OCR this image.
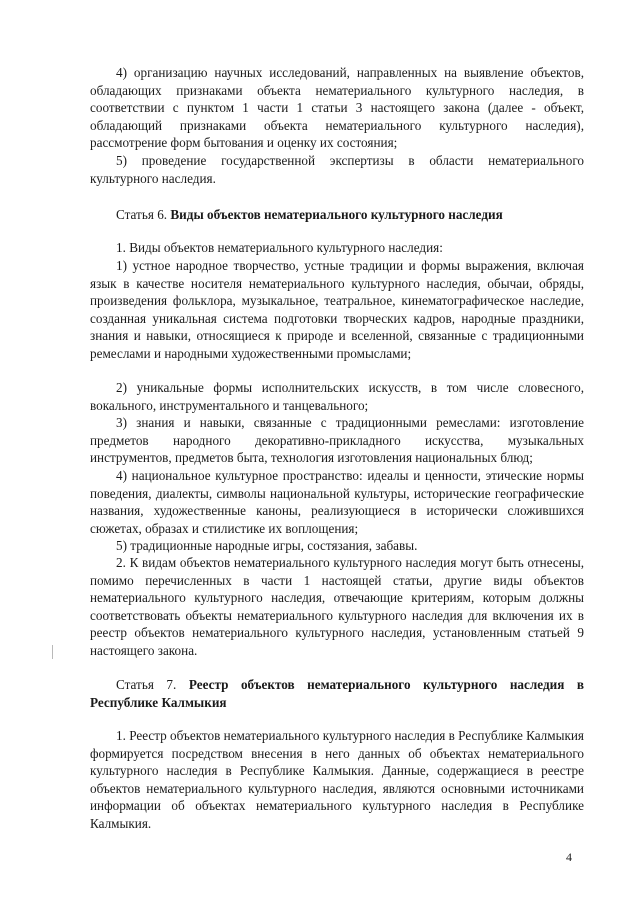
4) организацию научных исследований, направленных на выявление объектов, обладающих признаками объекта нематериального культурного наследия, в соответствии с пунктом 1 части 1 статьи 3 настоящего закона (далее - объект, обладающий признаками объекта нематериального культурного наследия), рассмотрение форм бытования и оценку их состояния;

5) проведение государственной экспертизы в области нематериального культурного наследия.

Статья 6. Виды объектов нематериального культурного наследия

1. Виды объектов нематериального культурного наследия:

1) устное народное творчество, устные традиции и формы выражения, включая язык в качестве носителя нематериального культурного наследия, обычаи, обряды, произведения фольклора, музыкальное, театральное, кинематографическое наследие, созданная уникальная система подготовки творческих кадров, народные праздники, знания и навыки, относящиеся к природе и вселенной, связанные с традиционными ремеслами и народными художественными промыслами;

2) уникальные формы исполнительских искусств, в том числе словесного, вокального, инструментального и танцевального;

3) знания и навыки, связанные с традиционными ремеслами: изготовление предметов народного декоративно-прикладного искусства, музыкальных инструментов, предметов быта, технология изготовления национальных блюд;

4) национальное культурное пространство: идеалы и ценности, этические нормы поведения, диалекты, символы национальной культуры, исторические географические названия, художественные каноны, реализующиеся в исторически сложившихся сюжетах, образах и стилистике их воплощения;

5) традиционные народные игры, состязания, забавы.

2. К видам объектов нематериального культурного наследия могут быть отнесены, помимо перечисленных в части 1 настоящей статьи, другие виды объектов нематериального культурного наследия, отвечающие критериям, которым должны соответствовать объекты нематериального культурного наследия для включения их в реестр объектов нематериального культурного наследия, установленным статьей 9 настоящего закона.

Статья 7. Реестр объектов нематериального культурного наследия в Республике Калмыкия

1. Реестр объектов нематериального культурного наследия в Республике Калмыкия формируется посредством внесения в него данных об объектах нематериального культурного наследия в Республике Калмыкия. Данные, содержащиеся в реестре объектов нематериального культурного наследия, являются основными источниками информации об объектах нематериального культурного наследия в Республике Калмыкия.

4
